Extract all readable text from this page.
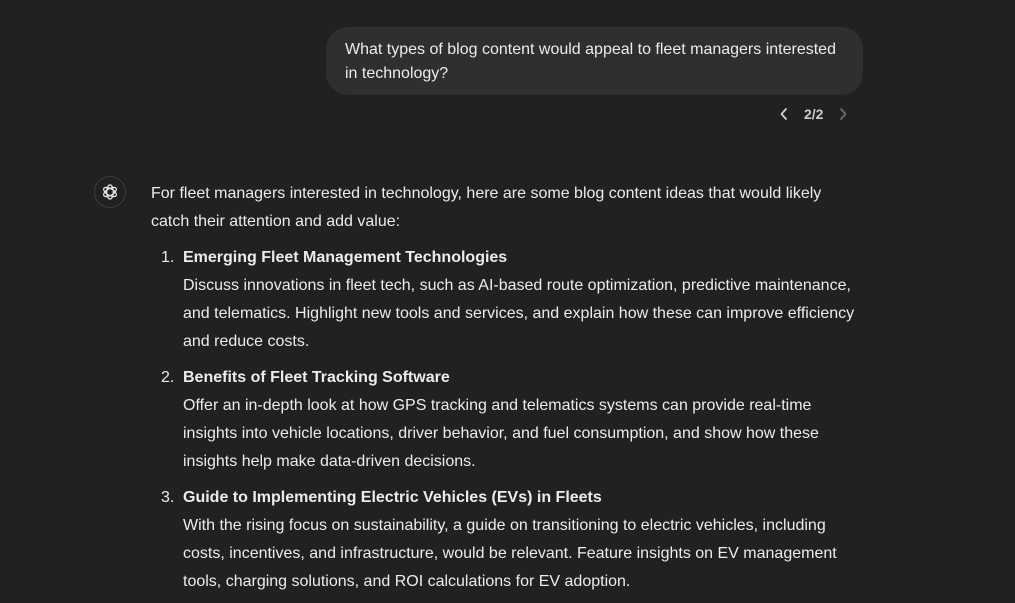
What types of blog content would appeal to fleet managers interested in technology?
2/2

For fleet managers interested in technology, here are some blog content ideas that would likely catch their attention and add value:

1. Emerging Fleet Management Technologies
Discuss innovations in fleet tech, such as AI-based route optimization, predictive maintenance, and telematics. Highlight new tools and services, and explain how these can improve efficiency and reduce costs.
2. Benefits of Fleet Tracking Software
Offer an in-depth look at how GPS tracking and telematics systems can provide real-time insights into vehicle locations, driver behavior, and fuel consumption, and show how these insights help make data-driven decisions.
3. Guide to Implementing Electric Vehicles (EVs) in Fleets
With the rising focus on sustainability, a guide on transitioning to electric vehicles, including costs, incentives, and infrastructure, would be relevant. Feature insights on EV management tools, charging solutions, and ROI calculations for EV adoption.
